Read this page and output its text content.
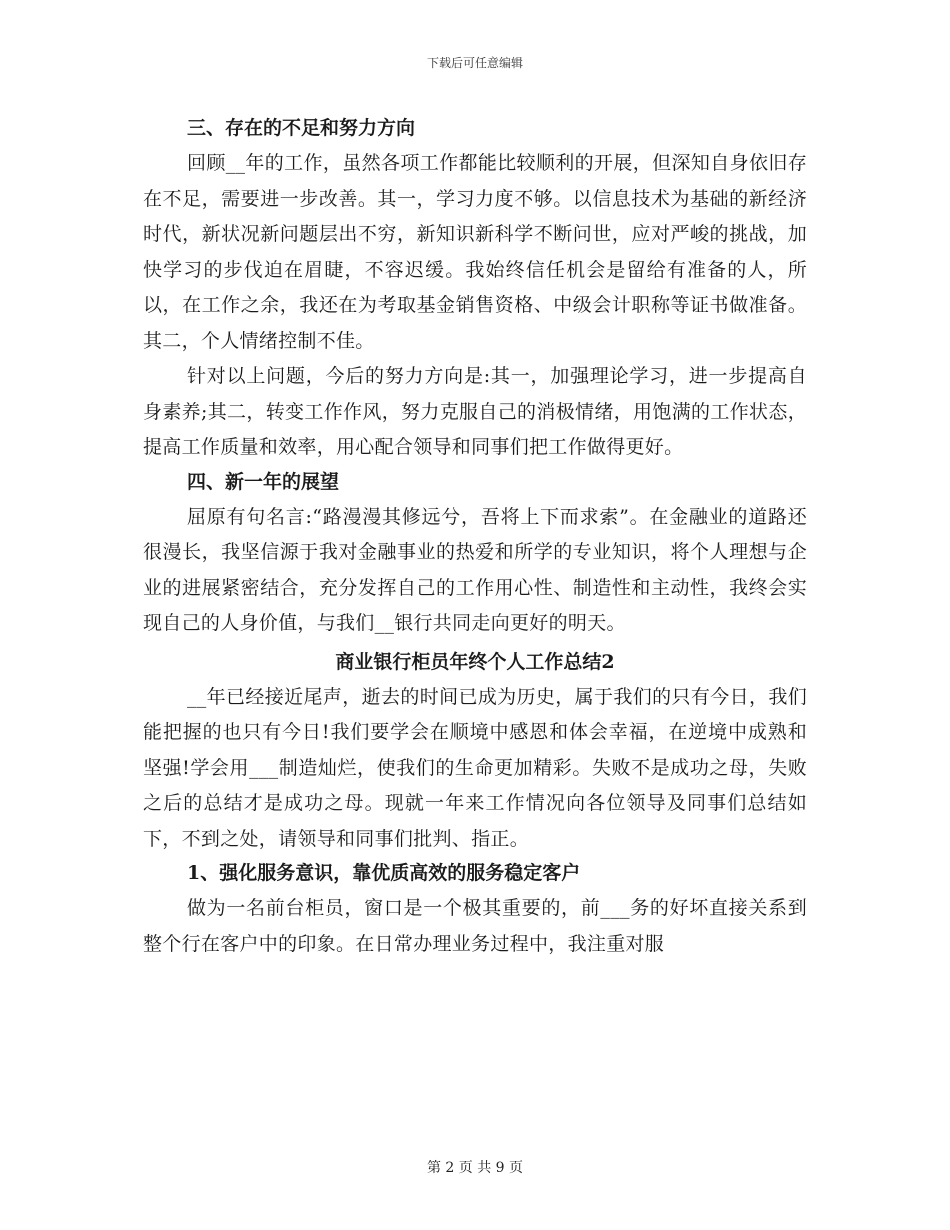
下载后可任意编辑

三、存在的不足和努力方向

回顾__年的工作，虽然各项工作都能比较顺利的开展，但深知自身依旧存在不足，需要进一步改善。其一，学习力度不够。以信息技术为基础的新经济时代，新状况新问题层出不穷，新知识新科学不断问世，应对严峻的挑战，加快学习的步伐迫在眉睫，不容迟缓。我始终信任机会是留给有准备的人，所以，在工作之余，我还在为考取基金销售资格、中级会计职称等证书做准备。其二，个人情绪控制不佳。

针对以上问题，今后的努力方向是:其一，加强理论学习，进一步提高自身素养;其二，转变工作作风，努力克服自己的消极情绪，用饱满的工作状态，提高工作质量和效率，用心配合领导和同事们把工作做得更好。

四、新一年的展望

屈原有句名言:“路漫漫其修远兮，吾将上下而求索”。在金融业的道路还很漫长，我坚信源于我对金融事业的热爱和所学的专业知识，将个人理想与企业的进展紧密结合，充分发挥自己的工作用心性、制造性和主动性，我终会实现自己的人身价值，与我们__银行共同走向更好的明天。

商业银行柜员年终个人工作总结2

__年已经接近尾声，逝去的时间已成为历史，属于我们的只有今日，我们能把握的也只有今日!我们要学会在顺境中感恩和体会幸福，在逆境中成熟和坚强!学会用___制造灿烂，使我们的生命更加精彩。失败不是成功之母，失败之后的总结才是成功之母。现就一年来工作情况向各位领导及同事们总结如下，不到之处，请领导和同事们批判、指正。

1、强化服务意识，靠优质高效的服务稳定客户

做为一名前台柜员，窗口是一个极其重要的，前___务的好坏直接关系到整个行在客户中的印象。在日常办理业务过程中，我注重对服

第 2 页 共 9 页
